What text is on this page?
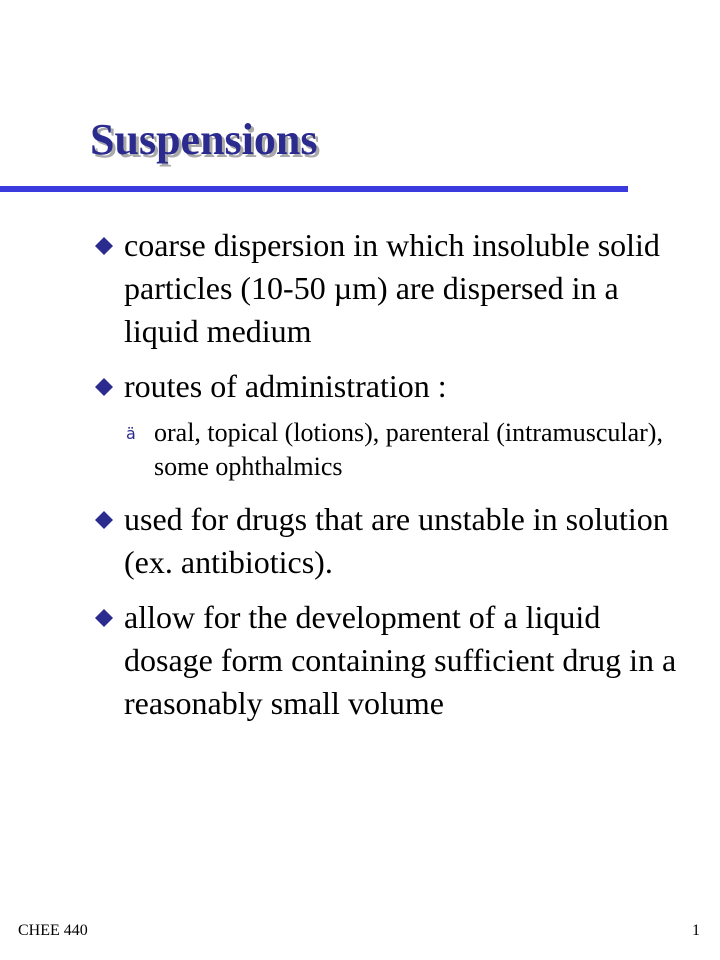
Suspensions
coarse dispersion in which insoluble solid particles (10-50 µm) are dispersed in a liquid medium
routes of administration :
ä oral, topical (lotions), parenteral (intramuscular), some ophthalmics
used for drugs that are unstable in solution (ex. antibiotics).
allow for the development of a liquid dosage form containing sufficient drug in a reasonably small volume
CHEE 440	1
